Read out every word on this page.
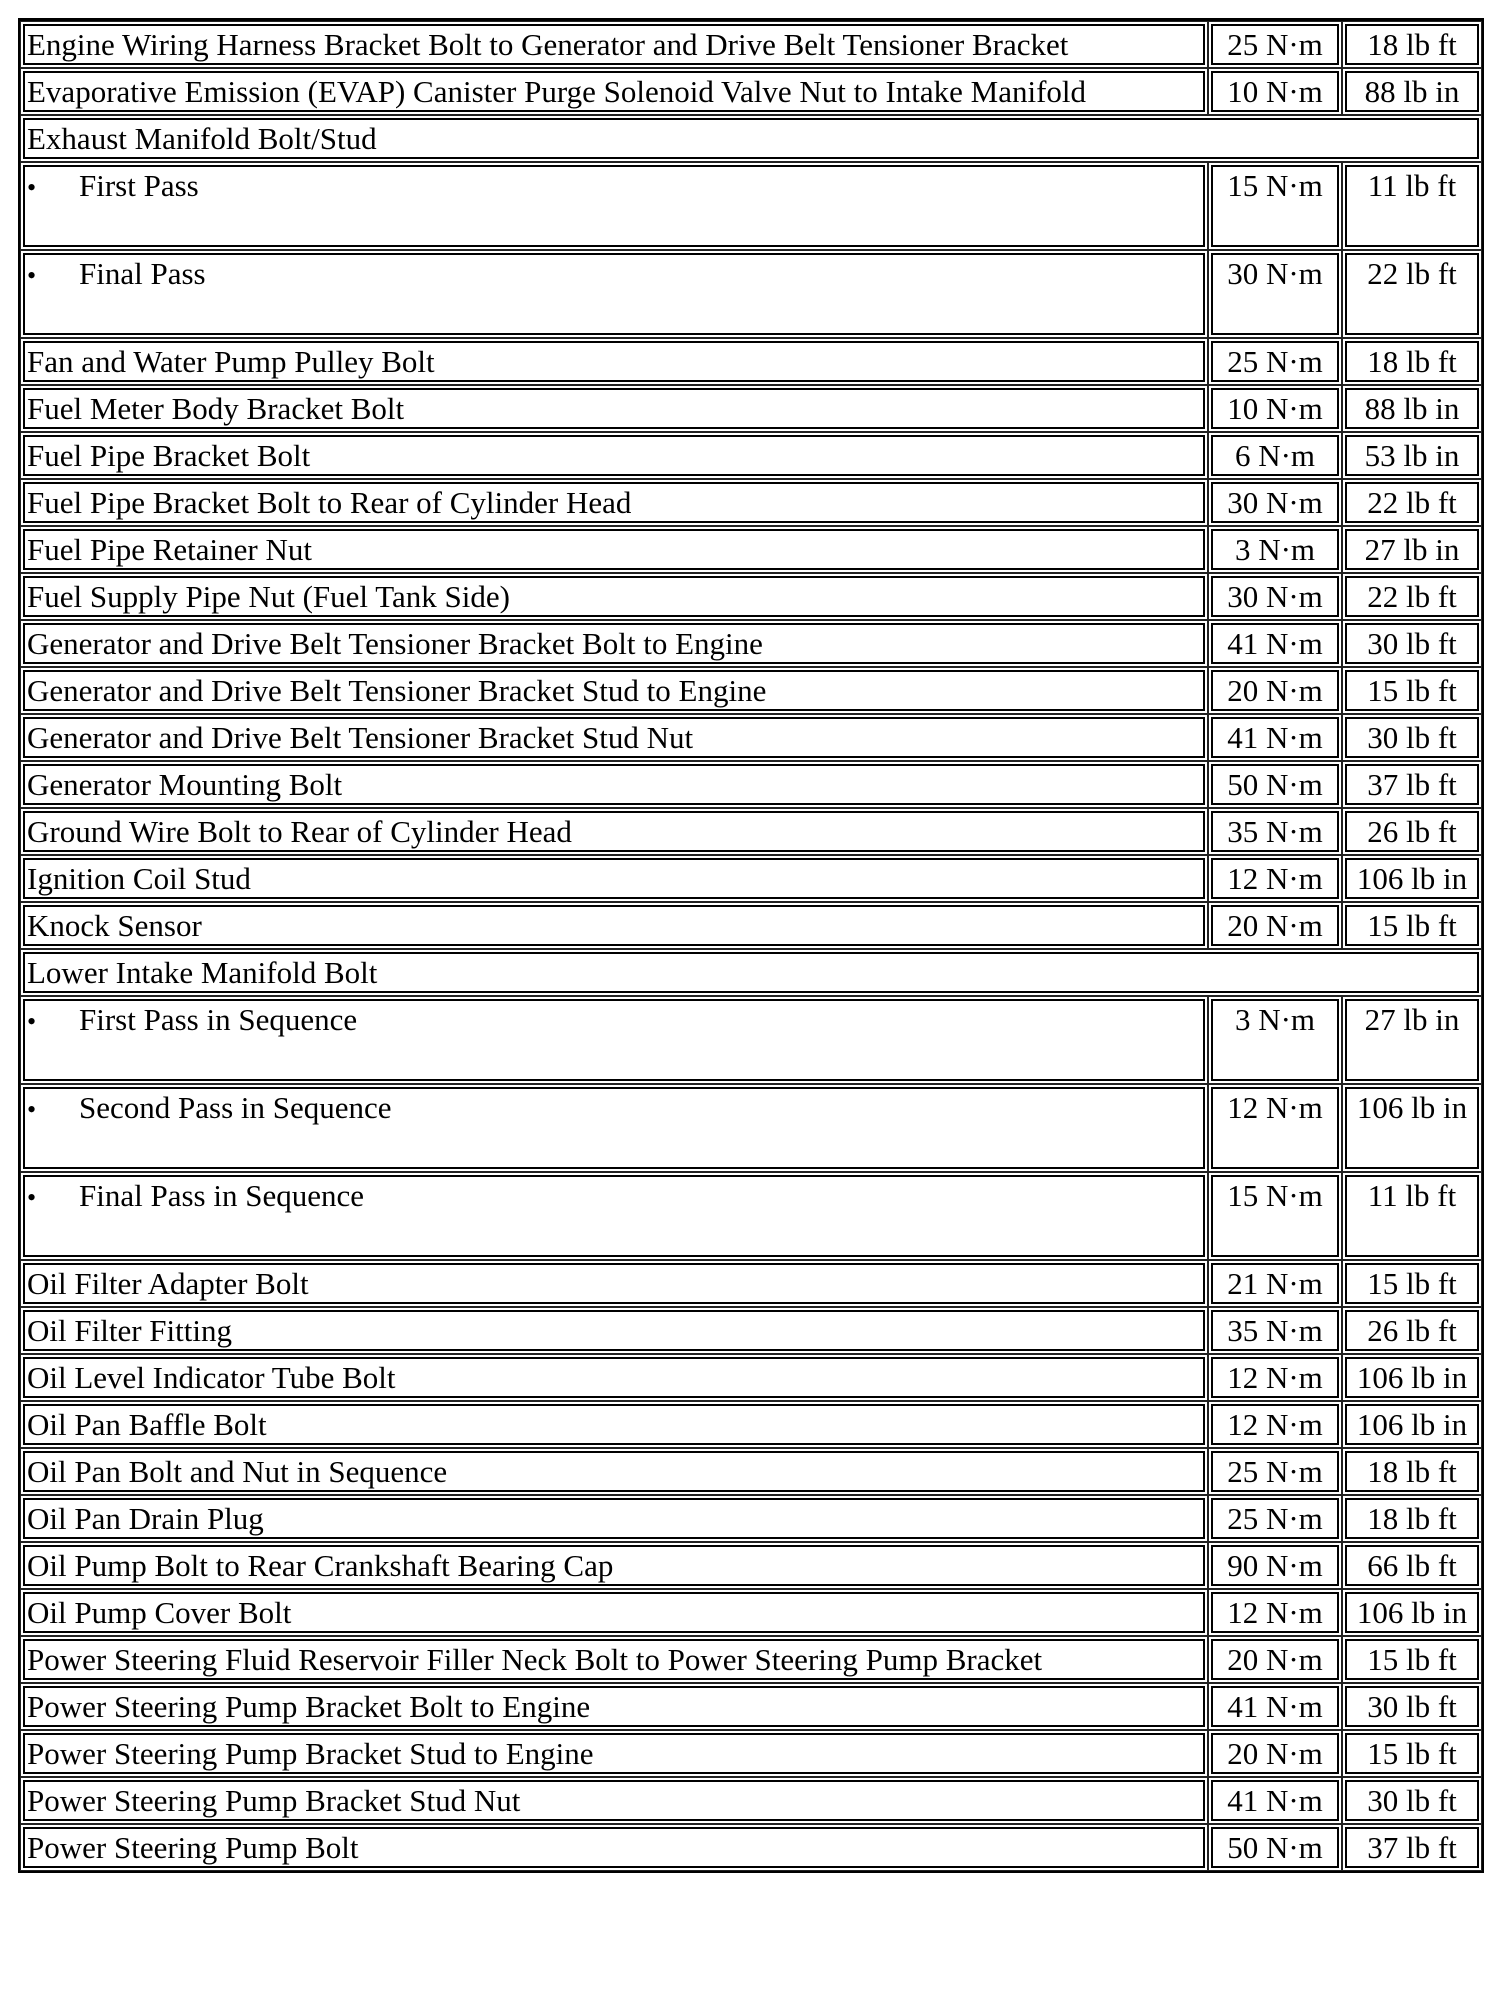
Engine Wiring Harness Bracket Bolt to Generator and Drive Belt Tensioner Bracket	25 N·m	18 lb ft
Evaporative Emission (EVAP) Canister Purge Solenoid Valve Nut to Intake Manifold	10 N·m	88 lb in
Exhaust Manifold Bolt/Stud		
• First Pass	15 N·m	11 lb ft
• Final Pass	30 N·m	22 lb ft
Fan and Water Pump Pulley Bolt	25 N·m	18 lb ft
Fuel Meter Body Bracket Bolt	10 N·m	88 lb in
Fuel Pipe Bracket Bolt	6 N·m	53 lb in
Fuel Pipe Bracket Bolt to Rear of Cylinder Head	30 N·m	22 lb ft
Fuel Pipe Retainer Nut	3 N·m	27 lb in
Fuel Supply Pipe Nut (Fuel Tank Side)	30 N·m	22 lb ft
Generator and Drive Belt Tensioner Bracket Bolt to Engine	41 N·m	30 lb ft
Generator and Drive Belt Tensioner Bracket Stud to Engine	20 N·m	15 lb ft
Generator and Drive Belt Tensioner Bracket Stud Nut	41 N·m	30 lb ft
Generator Mounting Bolt	50 N·m	37 lb ft
Ground Wire Bolt to Rear of Cylinder Head	35 N·m	26 lb ft
Ignition Coil Stud	12 N·m	106 lb in
Knock Sensor	20 N·m	15 lb ft
Lower Intake Manifold Bolt		
• First Pass in Sequence	3 N·m	27 lb in
• Second Pass in Sequence	12 N·m	106 lb in
• Final Pass in Sequence	15 N·m	11 lb ft
Oil Filter Adapter Bolt	21 N·m	15 lb ft
Oil Filter Fitting	35 N·m	26 lb ft
Oil Level Indicator Tube Bolt	12 N·m	106 lb in
Oil Pan Baffle Bolt	12 N·m	106 lb in
Oil Pan Bolt and Nut in Sequence	25 N·m	18 lb ft
Oil Pan Drain Plug	25 N·m	18 lb ft
Oil Pump Bolt to Rear Crankshaft Bearing Cap	90 N·m	66 lb ft
Oil Pump Cover Bolt	12 N·m	106 lb in
Power Steering Fluid Reservoir Filler Neck Bolt to Power Steering Pump Bracket	20 N·m	15 lb ft
Power Steering Pump Bracket Bolt to Engine	41 N·m	30 lb ft
Power Steering Pump Bracket Stud to Engine	20 N·m	15 lb ft
Power Steering Pump Bracket Stud Nut	41 N·m	30 lb ft
Power Steering Pump Bolt	50 N·m	37 lb ft
